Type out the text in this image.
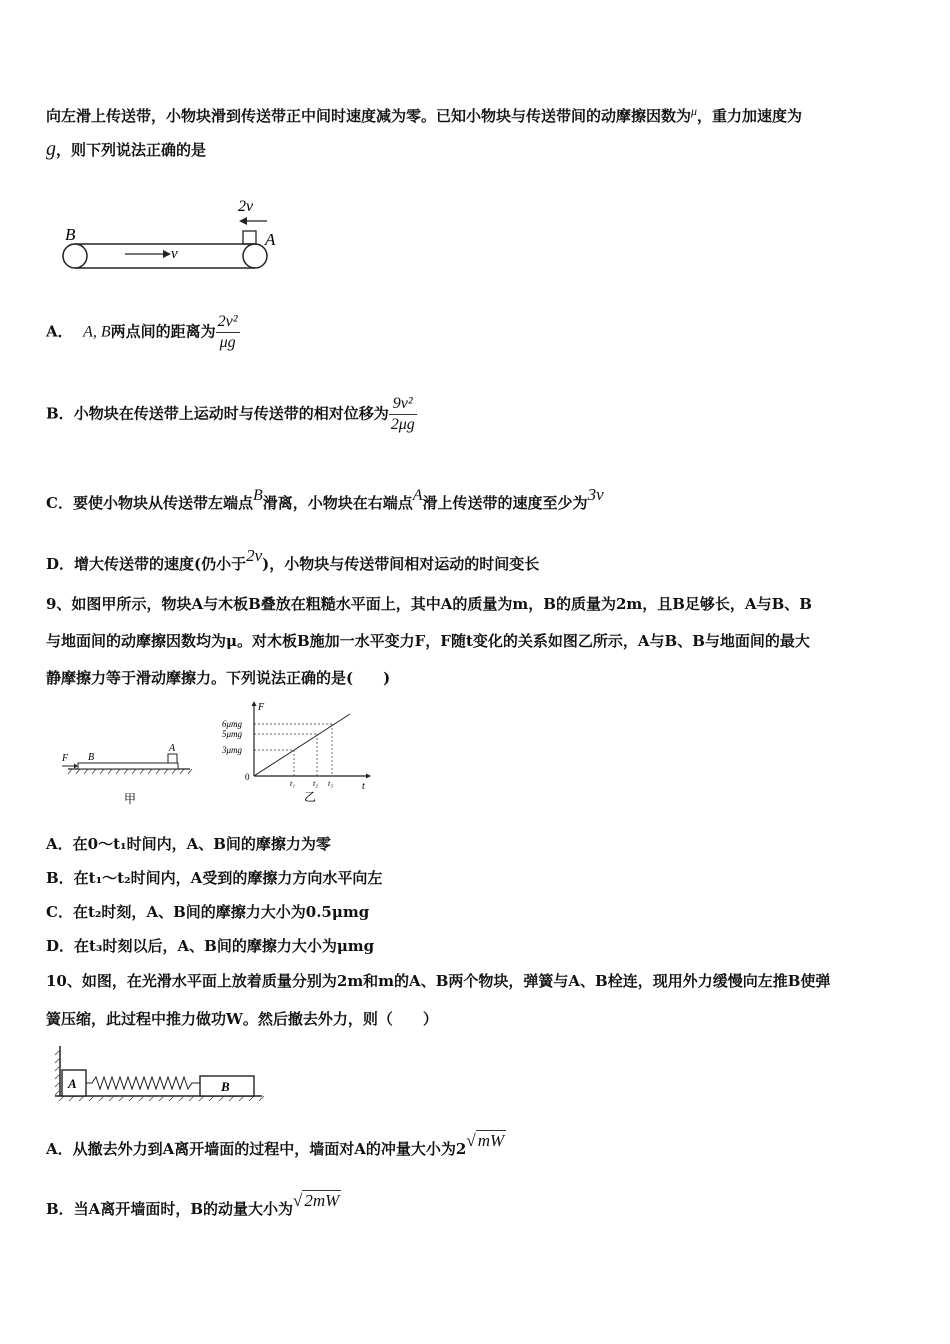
向左滑上传送带，小物块滑到传送带正中间时速度减为零。已知小物块与传送带间的动摩擦因数为$^\mu$，重力加速度为
g，则下列说法正确的是
B	A
v
2v
A． A, B两点间的距离为 $\frac{\text{2v²}}{\mu g}$
B．小物块在传送带上运动时与传送带的相对位移为 $\frac{\text{9v²}}{2\mu g}$
C．要使小物块从传送带左端点B滑离，小物块在右端点A滑上传送带的速度至少为3v
D．增大传送带的速度(仍小于2v)，小物块与传送带间相对运动的时间变长
9、如图甲所示，物块A与木板B叠放在粗糙水平面上，其中A的质量为m，B的质量为2m，且B足够长，A与B、B
与地面间的动摩擦因数均为μ。对木板B施加一水平变力F，F随t变化的关系如图乙所示，A与B、B与地面间的最大
静摩擦力等于滑动摩擦力。下列说法正确的是(　　)
F B
A
甲
F
t
0
6μmg
5μmg
3μmg
t₁ t₂ t₃
乙
A．在0～t₁时间内，A、B间的摩擦力为零
B．在t₁～t₂时间内，A受到的摩擦力方向水平向左
C．在t₂时刻，A、B间的摩擦力大小为0.5μmg
D．在t₃时刻以后，A、B间的摩擦力大小为μmg
10、如图，在光滑水平面上放着质量分别为2m和m的A、B两个物块，弹簧与A、B栓连，现用外力缓慢向左推B使弹
簧压缩，此过程中推力做功W。然后撤去外力，则（　　）
A	B
A．从撤去外力到A离开墙面的过程中，墙面对A的冲量大小为2√ mW
B．当A离开墙面时，B的动量大小为√ 2mW
